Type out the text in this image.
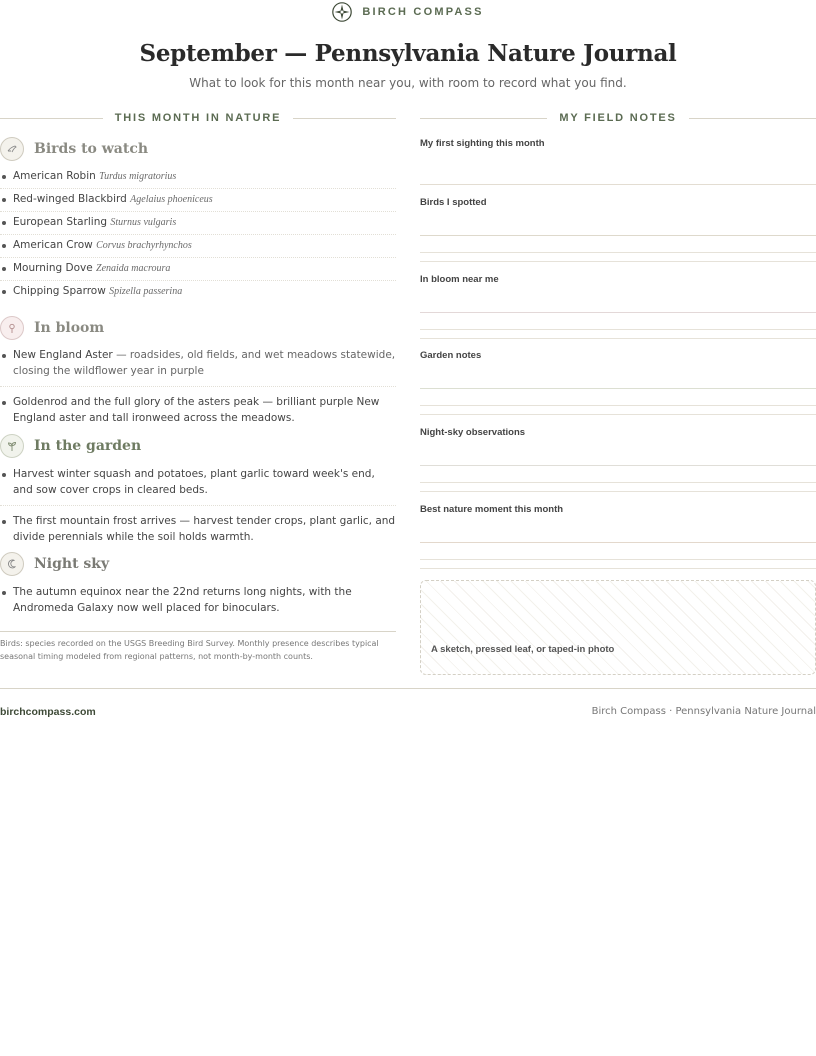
BIRCH COMPASS
September — Pennsylvania Nature Journal
What to look for this month near you, with room to record what you find.
THIS MONTH IN NATURE	MY FIELD NOTES
Birds to watch
American Robin Turdus migratorius
Red-winged Blackbird Agelaius phoeniceus
European Starling Sturnus vulgaris
American Crow Corvus brachyrhynchos
Mourning Dove Zenaida macroura
Chipping Sparrow Spizella passerina
In bloom
New England Aster — roadsides, old fields, and wet meadows statewide, closing the wildflower year in purple
Goldenrod and the full glory of the asters peak — brilliant purple New England aster and tall ironweed across the meadows.
In the garden
Harvest winter squash and potatoes, plant garlic toward week's end, and sow cover crops in cleared beds.
The first mountain frost arrives — harvest tender crops, plant garlic, and divide perennials while the soil holds warmth.
Night sky
The autumn equinox near the 22nd returns long nights, with the Andromeda Galaxy now well placed for binoculars.
Birds: species recorded on the USGS Breeding Bird Survey. Monthly presence describes typical seasonal timing modeled from regional patterns, not month-by-month counts.
My first sighting this month
Birds I spotted
In bloom near me
Garden notes
Night-sky observations
Best nature moment this month
A sketch, pressed leaf, or taped-in photo
birchcompass.com	Birch Compass · Pennsylvania Nature Journal
